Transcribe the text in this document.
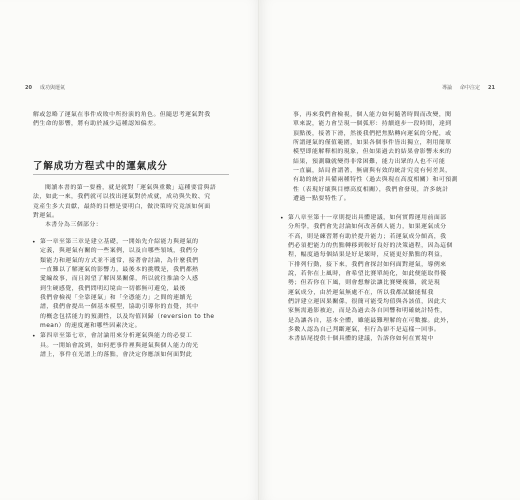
20 成功與運氣
解或忽略了運氣在事件成敗中所扮演的角色。但隨思考運氣對我
們生命的影響，將有助於減少這種認知偏差。
了解成功方程式中的運氣成分
閱讀本書的第一要務，就是就對「運氣與重數」這種要當與語
法，如此一來，我們就可以找出運氣對於成就，成功與失敗、究
竟產生多大貢獻，最終的目標是要明白，做決策時究竟該如何面
對運氣。
本書分為三個部分：
• 第一章至第三章是建立基礎，一開始先介紹能力與運氣的
定義，與運氣有關的一些案例，以及自哪些領域，我們分
類能力和運氣的方式並不通常，接著會討論，為什麼我們
一直難以了解運氣的影響力，最後本的挑戰是，我們都熱
愛編故事，而且渴望了解因果關係，所以就往推論令人感
到生硬感覺，我們問明幻境由一切都無可避免，最後
我們會檢視「全靠運氣」和「全憑能力」之間的連續光
譜，我們會提出一個基本模型，協助引導你的直覺，其中
的概念包括能力的預測性，以及均值回歸（reversion to the
mean）的速度遲和哪些因素決定。
• 第四章至第七章，會討論用來分析運氣與能力的必要工
具。一開始會說到，如何把事件裡與運氣與個人能力的光
譜上，事件在光譜上的落點，會決定你應該如何面對此
導論 命中注定 21
事，再來我們會檢視，個人能力如何隨著時間而改變，閱
單來說，能力會呈現一個弧形：持續進步一段時間，達到
頂點後，接著下滑，然後我們把焦點轉向運氣的分配，或
所謂運氣的僅值範圍，如果各個事件皆出獨立，利用簡單
模型即能解釋相的現象，但如果過去的結果會影響未來的
結果，預測職就變得非常困難，能力出眾的人也不可能
一直贏，結局會謂著，無庸與有效的統計究竟有何差異，
有助的統計具備兩種特性（過去與現在高度相關）和可預測
性（表現好壞與目標高度相關），我們會發現，許多統計
遭過一點要特性了。
• 第八章至第十一章則提出具體建議，如何實際運用前面部
分所學，我們會先討論如何改善個人能力，如果運氣成分
不高，則是練習將有助於提升能力；若運氣成分頗高，我
們必須把能力的焦點轉移到較好良好的決策過程，因為這個
程，幅度過每個結果是好是壞時，反能更好點點的利益，
下排列行動，接下來，我們會探討如何面對運氣，導例來
說，若你在上風時，會希望比賽單純化，如此便能取得優
勢；但若你在下風，則會想辦法讓比賽變複雜，就是現
運氣成分，由於運氣無處不在，所以我都試驗能幫我
們評建立運因果關係，很簡可能受均值與各該值，因此大
家無需過影被迫，而是為過去各自回響和明確統計特性，
是為讓各自，基本全體，雖能最難理解的在可數據。此外，
多數人認為自己判斷運氣，但行為卻不是這樣一回事。
本書結尾提供十個具體的建議，告訴你如何在實境中
